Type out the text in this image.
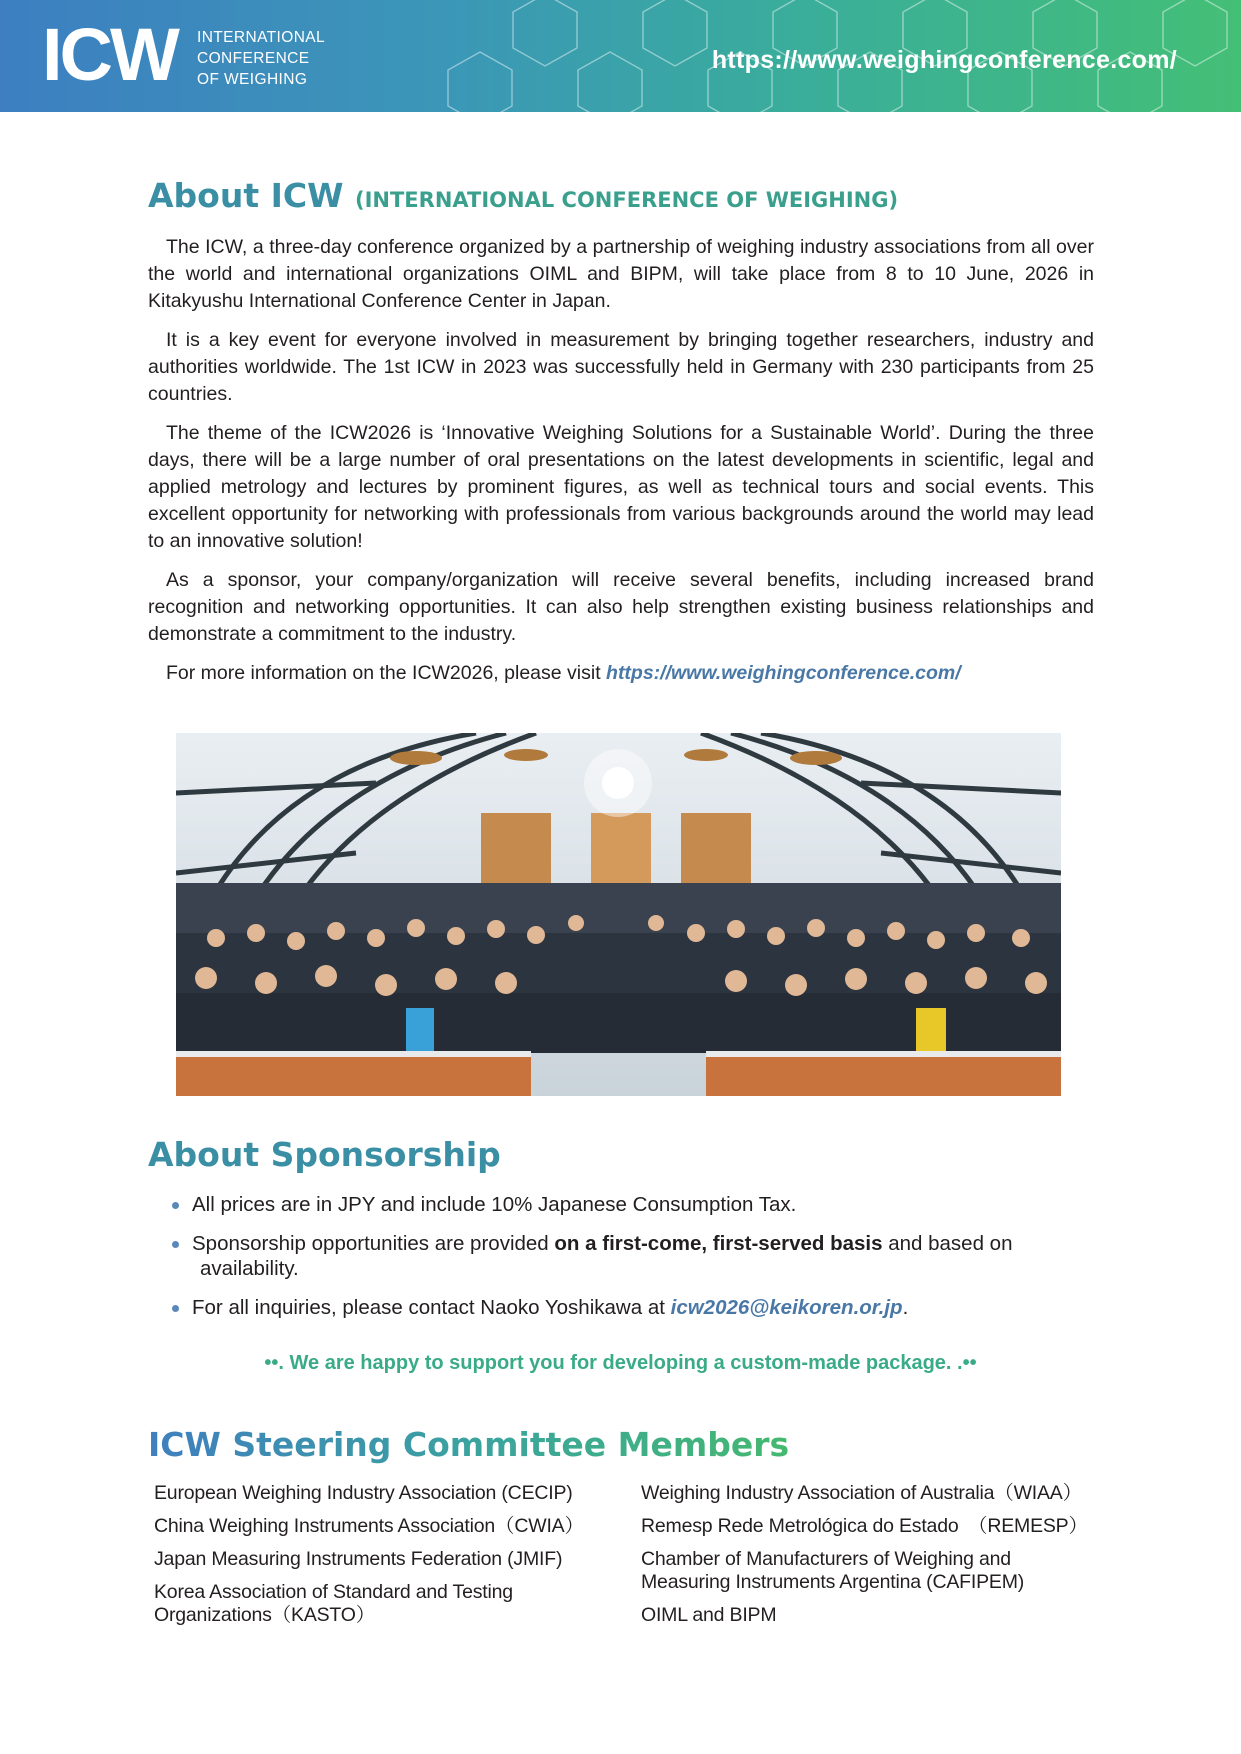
ICW INTERNATIONAL
CONFERENCE
OF WEIGHING
https://www.weighingconference.com/
About ICW (INTERNATIONAL CONFERENCE OF WEIGHING)

The ICW, a three-day conference organized by a partnership of weighing industry associations from all over the world and international organizations OIML and BIPM, will take place from 8 to 10 June, 2026 in Kitakyushu International Conference Center in Japan.

It is a key event for everyone involved in measurement by bringing together researchers, industry and authorities worldwide. The 1st ICW in 2023 was successfully held in Germany with 230 participants from 25 countries.

The theme of the ICW2026 is ‘Innovative Weighing Solutions for a Sustainable World’. During the three days, there will be a large number of oral presentations on the latest developments in scientific, legal and applied metrology and lectures by prominent figures, as well as technical tours and social events. This excellent opportunity for networking with professionals from various backgrounds around the world may lead to an innovative solution!

As a sponsor, your company/organization will receive several benefits, including increased brand recognition and networking opportunities. It can also help strengthen existing business relationships and demonstrate a commitment to the industry.

For more information on the ICW2026, please visit https://www.weighingconference.com/

About Sponsorship
All prices are in JPY and include 10% Japanese Consumption Tax.
Sponsorship opportunities are provided on a first-come, first-served basis and based on
availability.
For all inquiries, please contact Naoko Yoshikawa at icw2026@keikoren.or.jp.
••. We are happy to support you for developing a custom-made package. .••
ICW Steering Committee Members
European Weighing Industry Association (CECIP)
China Weighing Instruments Association（CWIA）
Japan Measuring Instruments Federation (JMIF)
Korea Association of Standard and Testing
Organizations（KASTO）
Weighing Industry Association of Australia（WIAA）
Remesp Rede Metrológica do Estado　（REMESP）
Chamber of Manufacturers of Weighing and
Measuring Instruments Argentina (CAFIPEM)
OIML and BIPM
